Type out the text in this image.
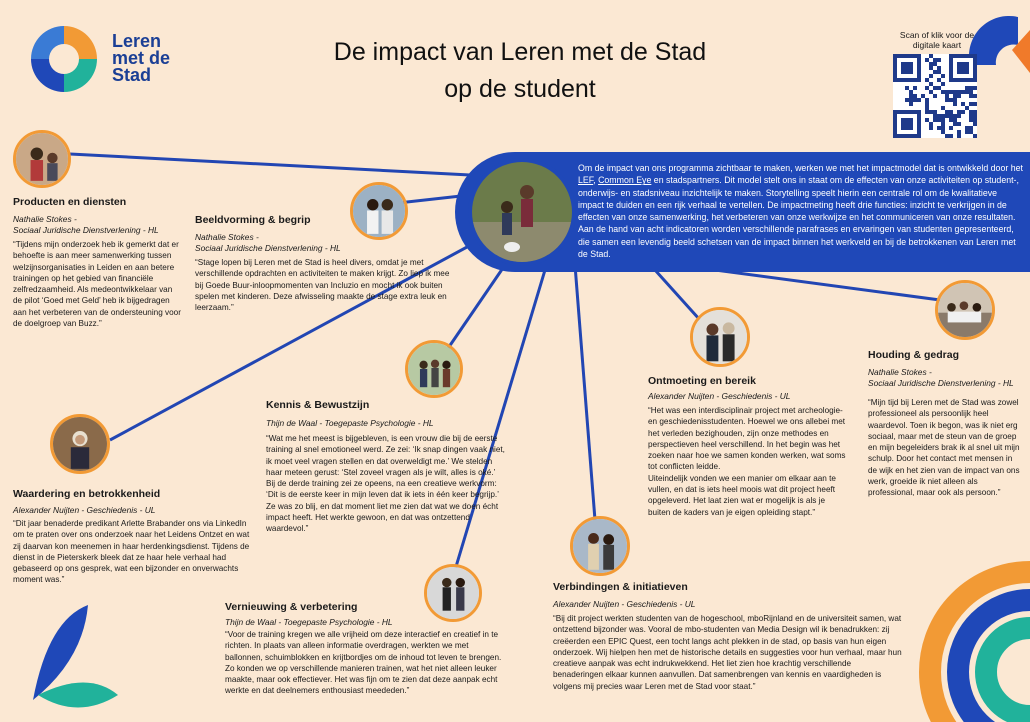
Leren
met de
Stad
De impact van Leren met de Stad
op de student
Scan of klik voor de
digitale kaart
Om de impact van ons programma zichtbaar te maken, werken we met het impactmodel dat is ontwikkeld door het LEF, Common Eye en stadspartners. Dit model stelt ons in staat om de effecten van onze activiteiten op student-, onderwijs- en stadsniveau inzichtelijk te maken. Storytelling speelt hierin een centrale rol om de kwalitatieve impact te duiden en een rijk verhaal te vertellen. De impactmeting heeft drie functies: inzicht te verkrijgen in de effecten van onze samenwerking, het verbeteren van onze werkwijze en het communiceren van onze resultaten. Aan de hand van acht indicatoren worden verschillende parafrases en ervaringen van studenten gepresenteerd, die samen een levendig beeld schetsen van de impact binnen het werkveld en bij de betrokkenen van Leren met de Stad.
Producten en diensten
Nathalie Stokes -
Sociaal Juridische Dienstverlening - HL
“Tijdens mijn onderzoek heb ik gemerkt dat er behoefte is aan meer samenwerking tussen welzijnsorganisaties in Leiden en aan betere trainingen op het gebied van financiële zelfredzaamheid. Als medeontwikkelaar van de pilot ‘Goed met Geld’ heb ik bijgedragen aan het verbeteren van de ondersteuning voor de doelgroep van Buzz.”
Beeldvorming & begrip
Nathalie Stokes -
Sociaal Juridische Dienstverlening - HL
“Stage lopen bij Leren met de Stad is heel divers, omdat je met verschillende opdrachten en activiteiten te maken krijgt. Zo liep ik mee bij Goede Buur-inloopmomenten van Incluzio en mocht ik ook buiten spelen met kinderen. Deze afwisseling maakte de stage extra leuk en leerzaam.”
Kennis & Bewustzijn
Thijn de Waal - Toegepaste Psychologie - HL
“Wat me het meest is bijgebleven, is een vrouw die bij de eerste training al snel emotioneel werd. Ze zei: ‘Ik snap dingen vaak niet, ik moet veel vragen stellen en dat overweldigt me.’ We stelden haar meteen gerust: ‘Stel zoveel vragen als je wilt, alles is oké.’
Bij de derde training zei ze opeens, na een creatieve werkvorm: ‘Dit is de eerste keer in mijn leven dat ik iets in één keer begrijp.’ Ze was zo blij, en dat moment liet me zien dat wat we doen écht impact heeft. Het werkte gewoon, en dat was ontzettend waardevol.”
Waardering en betrokkenheid
Alexander Nuijten - Geschiedenis - UL
“Dit jaar benaderde predikant Arlette Brabander ons via LinkedIn om te praten over ons onderzoek naar het Leidens Ontzet en wat zij daarvan kon meenemen in haar herdenkingsdienst. Tijdens de dienst in de Pieterskerk bleek dat ze haar hele verhaal had gebaseerd op ons gesprek, wat een bijzonder en onverwachts moment was.”
Vernieuwing & verbetering
Thijn de Waal - Toegepaste Psychologie - HL
“Voor de training kregen we alle vrijheid om deze interactief en creatief in te richten. In plaats van alleen informatie overdragen, werkten we met ballonnen, schuimblokken en krijtbordjes om de inhoud tot leven te brengen. Zo konden we op verschillende manieren trainen, wat het niet alleen leuker maakte, maar ook effectiever. Het was fijn om te zien dat deze aanpak echt werkte en dat deelnemers enthousiast meededen.”
Ontmoeting en bereik
Alexander Nuijten - Geschiedenis - UL
“Het was een interdisciplinair project met archeologie- en geschiedenisstudenten. Hoewel we ons allebei met het verleden bezighouden, zijn onze methodes en perspectieven heel verschillend. In het begin was het zoeken naar hoe we samen konden werken, wat soms tot conflicten leidde.
Uiteindelijk vonden we een manier om elkaar aan te vullen, en dat is iets heel moois wat dit project heeft opgeleverd. Het laat zien wat er mogelijk is als je buiten de kaders van je eigen opleiding stapt.”
Verbindingen & initiatieven
Alexander Nuijten - Geschiedenis - UL
“Bij dit project werkten studenten van de hogeschool, mboRijnland en de universiteit samen, wat ontzettend bijzonder was. Vooral de mbo-studenten van Media Design wil ik benadrukken: zij creëerden een EPIC Quest, een tocht langs acht plekken in de stad, op basis van hun eigen onderzoek. Wij hielpen hen met de historische details en suggesties voor hun verhaal, maar hun creatieve aanpak was echt indrukwekkend. Het liet zien hoe krachtig verschillende benaderingen elkaar kunnen aanvullen. Dat samenbrengen van kennis en vaardigheden is volgens mij precies waar Leren met de Stad voor staat.”
Houding & gedrag
Nathalie Stokes -
Sociaal Juridische Dienstverlening - HL
“Mijn tijd bij Leren met de Stad was zowel professioneel als persoonlijk heel waardevol. Toen ik begon, was ik niet erg sociaal, maar met de steun van de groep en mijn begeleiders brak ik al snel uit mijn schulp. Door het contact met mensen in de wijk en het zien van de impact van ons werk, groeide ik niet alleen als professional, maar ook als persoon.”
